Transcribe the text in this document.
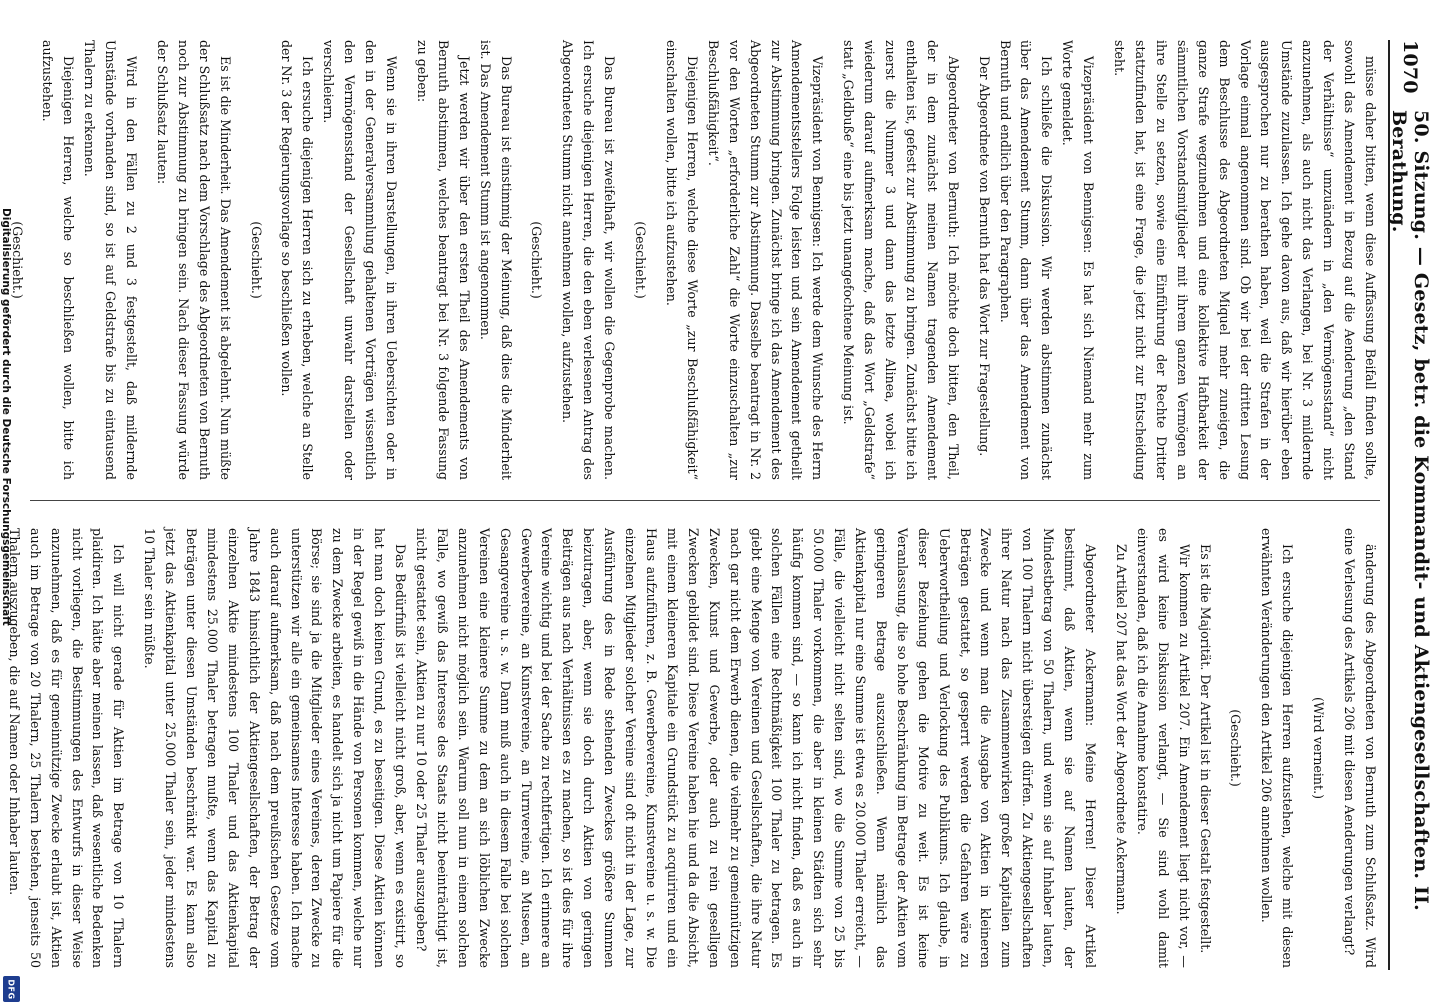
1070
50. Sitzung. — Gesetz, betr. die Kommandit- und Aktiengesellschaften. II. Berathung.

müsse daher bitten, wenn diese Auffassung Beifall finden sollte, sowohl das Amendement in Bezug auf die Aenderung „den Stand der Verhältnisse“ umzuändern in „den Vermögensstand“ nicht anzunehmen, als auch nicht das Verlangen, bei Nr. 3 mildernde Umstände zuzulassen. Ich gehe davon aus, daß wir hierüber eben ausgesprochen nur zu berathen haben, weil die Strafen in der Vorlage einmal angenommen sind. Ob wir bei der dritten Lesung dem Beschlusse des Abgeordneten Miquel mehr zuneigen, die ganze Strafe wegzunehmen und eine kollektive Haftbarkeit der sämmtlichen Vorstandsmitglieder mit ihrem ganzen Vermögen an ihre Stelle zu setzen, sowie eine Einführung der Rechte Dritter stattzufinden hat, ist eine Frage, die jetzt nicht zur Entscheidung steht.

Vizepräsident von Bennigsen: Es hat sich Niemand mehr zum Worte gemeldet.

Ich schließe die Diskussion. Wir werden abstimmen zunächst über das Amendement Stumm, dann über das Amendement von Bernuth und endlich über den Paragraphen.

Der Abgeordnete von Bernuth hat das Wort zur Fragestellung.

Abgeordneter von Bernuth: Ich möchte doch bitten, den Theil, der in dem zunächst meinen Namen tragenden Amendement enthalten ist, gefestt zur Abstimmung zu bringen. Zunächst bitte ich zuerst die Nummer 3 und dann das letzte Alinea, wobei ich wiederum darauf aufmerksam mache, daß das Wort „Geldstrafe“ statt „Geldbuße“ eine bis jetzt unangefochtene Meinung ist.

Vizepräsident von Bennigsen: Ich werde dem Wunsche des Herrn Amendementsstellers Folge leisten und sein Amendement getheilt zur Abstimmung bringen. Zunächst bringe ich das Amendement des Abgeordneten Stumm zur Abstimmung. Dasselbe beantragt in Nr. 2 vor den Worten „erforderliche Zahl“ die Worte einzuschalten „zur Beschlußfähigkeit“.

Diejenigen Herren, welche diese Worte „zur Beschlußfähigkeit“ einschalten wollen, bitte ich aufzustehen.

(Geschieht.)

Das Bureau ist zweifelhaft, wir wollen die Gegenprobe machen. Ich ersuche diejenigen Herren, die den eben verlesenen Antrag des Abgeordneten Stumm nicht annehmen wollen, aufzustehen.

(Geschieht.)

Das Bureau ist einstimmig der Meinung, daß dies die Minderheit ist. Das Amendement Stumm ist angenommen.

Jetzt werden wir über den ersten Theil des Amendements von Bernuth abstimmen, welches beantragt bei Nr. 3 folgende Fassung zu geben:

Wenn sie in ihren Darstellungen, in ihren Uebersichten oder in den in der Generalversammlung gehaltenen Vorträgen wissentlich den Vermögensstand der Gesellschaft unwahr darstellen oder verschleiern.

Ich ersuche diejenigen Herren sich zu erheben, welche an Stelle der Nr. 3 der Regierungsvorlage so beschließen wollen.

(Geschieht.)

Es ist die Minderheit. Das Amendement ist abgelehnt. Nun müßte der Schlußsatz nach dem Vorschlage des Abgeordneten von Bernuth noch zur Abstimmung zu bringen sein. Nach dieser Fassung würde der Schlußsatz lauten:

Wird in den Fällen zu 2 und 3 festgestellt, daß mildernde Umstände vorhanden sind, so ist auf Geldstrafe bis zu eintausend Thalern zu erkennen.

Diejenigen Herren, welche so beschließen wollen, bitte ich aufzustehen.

(Geschieht.)

änderung des Abgeordneten von Bernuth zum Schlußsatz. Wird eine Verlesung des Artikels 206 mit diesen Aenderungen verlangt?

(Wird verneint.)

Ich ersuche diejenigen Herren aufzustehen, welche mit diesen erwähnten Veränderungen den Artikel 206 annehmen wollen.

(Geschieht.)

Es ist die Majorität. Der Artikel ist in dieser Gestalt festgestellt.

Wir kommen zu Artikel 207. Ein Amendement liegt nicht vor, — es wird keine Diskussion verlangt, — Sie sind wohl damit einverstanden, daß ich die Annahme konstatire.

Zu Artikel 207 hat das Wort der Abgeordnete Ackermann.

Abgeordneter Ackermann: Meine Herren! Dieser Artikel bestimmt, daß Aktien, wenn sie auf Namen lauten, der Mindestbetrag von 50 Thalern, und wenn sie auf Inhaber lauten, von 100 Thalern nicht übersteigen dürfen. Zu Aktiengesellschaften ihrer Natur nach das Zusammenwirken großer Kapitalien zum Zwecke und wenn man die Ausgabe von Aktien in kleineren Beträgen gestattet, so gesperrt werden die Gefahren wäre zu Ueberwortheilung und Verlockung des Publikums. Ich glaube, in dieser Beziehung gehen die Motive zu weit. Es ist keine Veranlassung, die so hohe Beschränkung im Betrage der Aktien vom geringeren Betrage auszuschließen. Wenn nämlich das Aktienkapital nur eine Summe ist etwa es 20.000 Thaler erreicht, — Fälle, die vielleicht nicht selten sind, wo die Summe von 25 bis 50.000 Thaler vorkommen, die aber in kleinen Städten sich sehr häufig kommen sind, — so kann ich nicht finden, daß es auch in solchen Fällen eine Rechtmäßigkeit 100 Thaler zu betragen. Es giebt eine Menge von Vereinen und Gesellschaften, die ihre Natur nach gar nicht dem Erwerb dienen, die vielmehr zu gemeinnützigen Zwecken, Kunst und Gewerbe, oder auch zu rein geselligen Zwecken gebildet sind. Diese Vereine haben hie und da die Absicht, mit einem kleineren Kapitale ein Grundstück zu acquiriren und ein Haus aufzuführen, z. B. Gewerbevereine, Kunstvereine u. s. w. Die einzelnen Mitglieder solcher Vereine sind oft nicht in der Lage, zur Ausführung des in Rede stehenden Zweckes größere Summen beizutragen, aber, wenn sie doch durch Aktien von geringen Beiträgen aus nach Verhältnissen es zu machen, so ist dies für ihre Vereine wichtig und bei der Sache zu rechtfertigen. Ich erinnere an Gewerbevereine, an Kunstvereine, an Turnvereine, an Museen, an Gesangvereine u. s. w. Dann muß auch in diesem Falle bei solchen Vereinen eine kleinere Summe zu dem an sich löblichen Zwecke anzunehmen nicht möglich sein. Warum soll nun in einem solchen Falle, wo gewiß das Interesse des Staats nicht beeinträchtigt ist, nicht gestattet sein, Aktien zu nur 10 oder 25 Thaler auszugeben?

Das Bedürfniß ist vielleicht nicht groß, aber, wenn es existirt, so hat man doch keinen Grund, es zu beseitigen. Diese Aktien können in der Regel gewiß in die Hände von Personen kommen, welche nur zu dem Zwecke arbeiten, es handelt sich ja nicht um Papiere für die Börse; sie sind ja die Mitglieder eines Vereines, deren Zwecke zu unterstützen wir alle ein gemeinsames Interesse haben. Ich mache auch darauf aufmerksam, daß nach dem preußischen Gesetze vom Jahre 1843 hinsichtlich der Aktiengesellschaften, der Betrag der einzelnen Aktie mindestens 100 Thaler und das Aktienkapital mindestens 25.000 Thaler betragen mußte, wenn das Kapital zu Beträgen unter diesen Umständen beschränkt war. Es kann also jetzt das Aktienkapital unter 25.000 Thaler sein, jeder mindestens 10 Thaler sein müßte.

Ich will nicht gerade für Aktien im Betrage von 10 Thalern plaidiren. Ich hätte aber meinen lassen, daß wesentliche Bedenken nicht vorliegen, die Bestimmungen des Entwurfs in dieser Weise anzunehmen, daß es für gemeinnützige Zwecke erlaubt ist, Aktien auch im Betrage von 20 Thalern, 25 Thalern bestehen, jenseits 50 Thalern auszugeben, die auf Namen oder Inhaber lauten.

Digitalisierung gefördert durch die Deutsche Forschungsgemeinschaft
DFG
